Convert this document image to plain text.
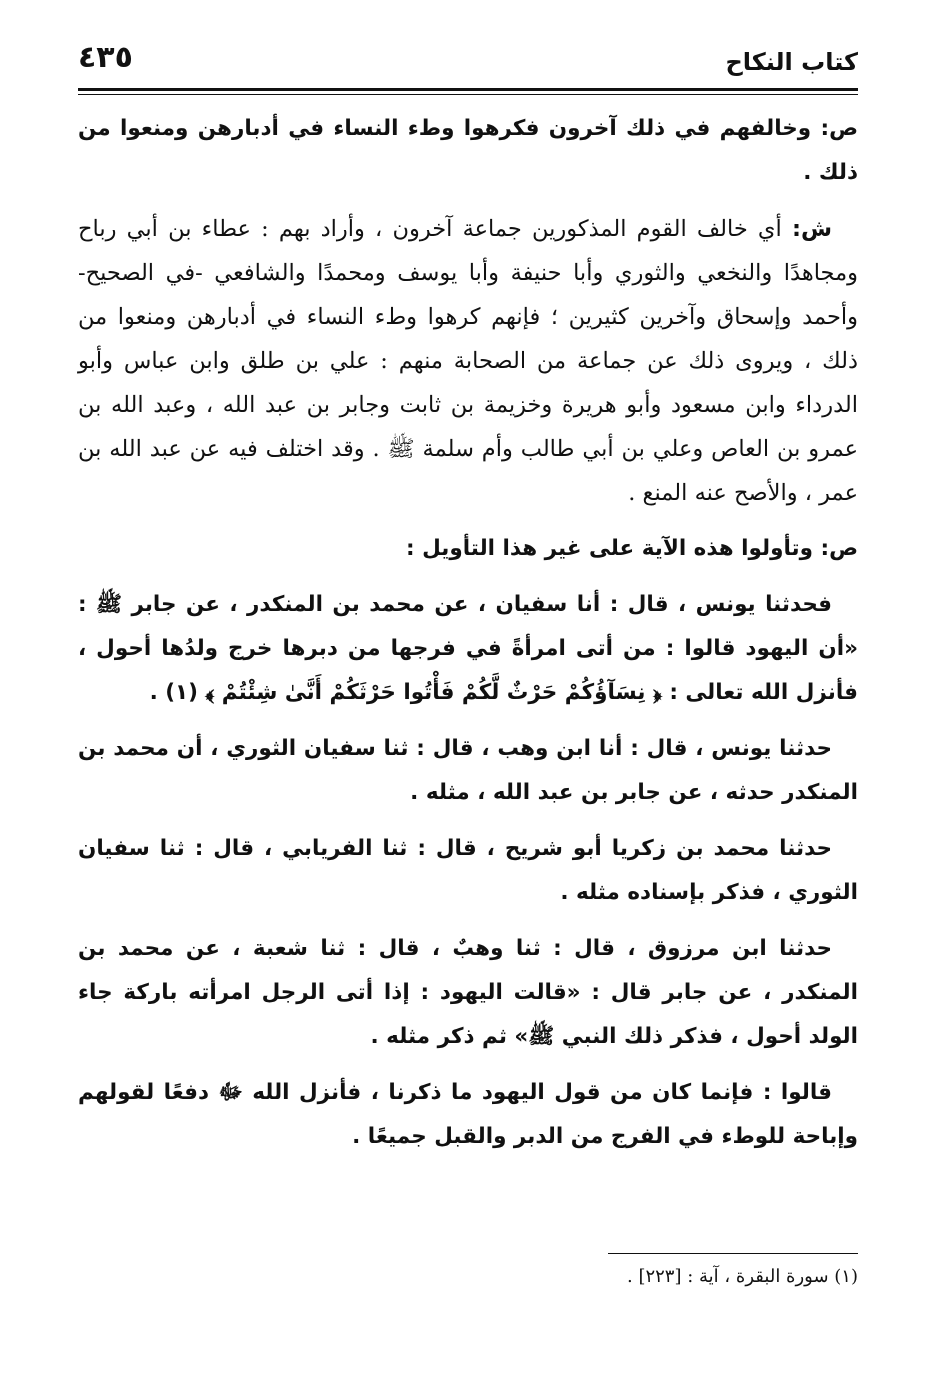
كتاب النكاح
٤٣٥

ص: وخالفهم في ذلك آخرون فكرهوا وطء النساء في أدبارهن ومنعوا من ذلك .

ش: أي خالف القوم المذكورين جماعة آخرون ، وأراد بهم : عطاء بن أبي رباح ومجاهدًا والنخعي والثوري وأبا حنيفة وأبا يوسف ومحمدًا والشافعي -في الصحيح- وأحمد وإسحاق وآخرين كثيرين ؛ فإنهم كرهوا وطء النساء في أدبارهن ومنعوا من ذلك ، ويروى ذلك عن جماعة من الصحابة منهم : علي بن طلق وابن عباس وأبو الدرداء وابن مسعود وأبو هريرة وخزيمة بن ثابت وجابر بن عبد الله ، وعبد الله بن عمرو بن العاص وعلي بن أبي طالب وأم سلمة ﷺ . وقد اختلف فيه عن عبد الله بن عمر ، والأصح عنه المنع .

ص: وتأولوا هذه الآية على غير هذا التأويل :

فحدثنا يونس ، قال : أنا سفيان ، عن محمد بن المنكدر ، عن جابر ﷺ : «أن اليهود قالوا : من أتى امرأةً في فرجها من دبرها خرج ولدُها أحول ، فأنزل الله تعالى : ﴿ نِسَآؤُكُمْ حَرْثٌ لَّكُمْ فَأْتُوا حَرْثَكُمْ أَنَّىٰ شِئْتُمْ ﴾ (١) .

حدثنا يونس ، قال : أنا ابن وهب ، قال : ثنا سفيان الثوري ، أن محمد بن المنكدر حدثه ، عن جابر بن عبد الله ، مثله .

حدثنا محمد بن زكريا أبو شريح ، قال : ثنا الفريابي ، قال : ثنا سفيان الثوري ، فذكر بإسناده مثله .

حدثنا ابن مرزوق ، قال : ثنا وهبٌ ، قال : ثنا شعبة ، عن محمد بن المنكدر ، عن جابر قال : «قالت اليهود : إذا أتى الرجل امرأته باركة جاء الولد أحول ، فذكر ذلك النبي ﷺ» ثم ذكر مثله .

قالوا : فإنما كان من قول اليهود ما ذكرنا ، فأنزل الله ﷻ دفعًا لقولهم وإباحة للوطء في الفرج من الدبر والقبل جميعًا .

(١) سورة البقرة ، آية : [٢٢٣] .
